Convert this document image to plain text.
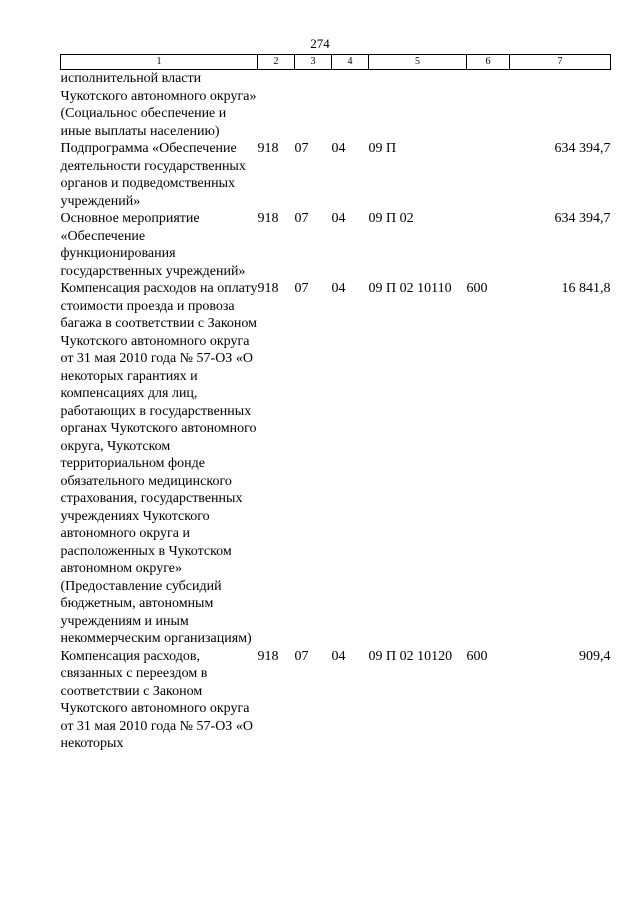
274
1	2	3	4	5	6	7
исполнительной власти Чукотского автономного округа» (Социальнос обеспечение и иные выплаты населению)						
Подпрограмма «Обеспечение деятельности государственных органов и подведомственных учреждений»	918	07	04	09 П		634 394,7
Основное мероприятие «Обеспечение функционирования государственных учреждений»	918	07	04	09 П 02		634 394,7
Компенсация расходов на оплату стоимости проезда и провоза багажа в соответствии с Законом Чукотского автономного округа от 31 мая 2010 года № 57-ОЗ «О некоторых гарантиях и компенсациях для лиц, работающих в государственных органах Чукотского автономного округа, Чукотском территориальном фонде обязательного медицинского страхования, государственных учреждениях Чукотского автономного округа и расположенных в Чукотском автономном округе» (Предоставление субсидий бюджетным, автономным учреждениям и иным некоммерческим организациям)	918	07	04	09 П 02 10110	600	16 841,8
Компенсация расходов, связанных с переездом в соответствии с Законом Чукотского автономного округа от 31 мая 2010 года № 57-ОЗ «О некоторых	918	07	04	09 П 02 10120	600	909,4
